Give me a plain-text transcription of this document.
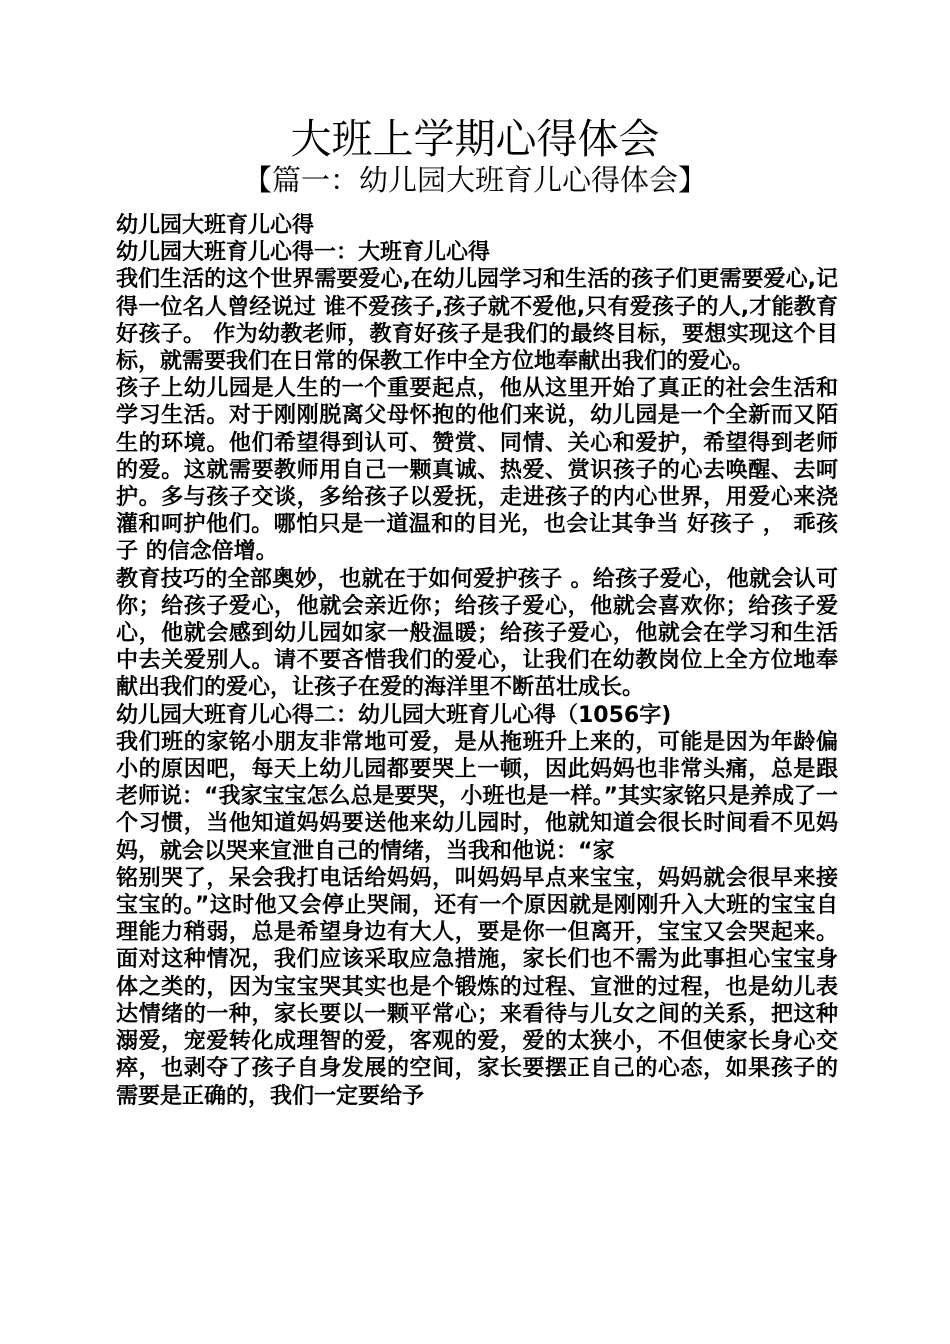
大班上学期心得体会
【篇一：幼儿园大班育儿心得体会】

幼儿园大班育儿心得

幼儿园大班育儿心得一：大班育儿心得

我们生活的这个世界需要爱心,在幼儿园学习和生活的孩子们更需要爱心,记得一位名人曾经说过 谁不爱孩子,孩子就不爱他,只有爱孩子的人,才能教育好孩子。 作为幼教老师，教育好孩子是我们的最终目标，要想实现这个目标，就需要我们在日常的保教工作中全方位地奉献出我们的爱心。

孩子上幼儿园是人生的一个重要起点，他从这里开始了真正的社会生活和学习生活。对于刚刚脱离父母怀抱的他们来说，幼儿园是一个全新而又陌生的环境。他们希望得到认可、赞赏、同情、关心和爱护，希望得到老师的爱。这就需要教师用自己一颗真诚、热爱、赏识孩子的心去唤醒、去呵护。多与孩子交谈，多给孩子以爱抚，走进孩子的内心世界，用爱心来浇灌和呵护他们。哪怕只是一道温和的目光，也会让其争当 好孩子 ， 乖孩子 的信念倍增。

教育技巧的全部奥妙，也就在于如何爱护孩子 。给孩子爱心，他就会认可你；给孩子爱心，他就会亲近你；给孩子爱心，他就会喜欢你；给孩子爱心，他就会感到幼儿园如家一般温暖；给孩子爱心，他就会在学习和生活中去关爱别人。请不要吝惜我们的爱心，让我们在幼教岗位上全方位地奉献出我们的爱心，让孩子在爱的海洋里不断茁壮成长。

幼儿园大班育儿心得二：幼儿园大班育儿心得（1056字)

我们班的家铭小朋友非常地可爱，是从拖班升上来的，可能是因为年龄偏小的原因吧，每天上幼儿园都要哭上一顿，因此妈妈也非常头痛，总是跟老师说：“我家宝宝怎么总是要哭，小班也是一样。”其实家铭只是养成了一个习惯，当他知道妈妈要送他来幼儿园时，他就知道会很长时间看不见妈妈，就会以哭来宣泄自己的情绪，当我和他说：“家

铭别哭了，呆会我打电话给妈妈，叫妈妈早点来宝宝，妈妈就会很早来接宝宝的。”这时他又会停止哭闹，还有一个原因就是刚刚升入大班的宝宝自理能力稍弱，总是希望身边有大人，要是你一但离开，宝宝又会哭起来。面对这种情况，我们应该采取应急措施，家长们也不需为此事担心宝宝身体之类的，因为宝宝哭其实也是个锻炼的过程、宣泄的过程，也是幼儿表达情绪的一种，家长要以一颗平常心；来看待与儿女之间的关系，把这种溺爱，宠爱转化成理智的爱，客观的爱，爱的太狭小，不但使家长身心交瘁，也剥夺了孩子自身发展的空间，家长要摆正自己的心态，如果孩子的需要是正确的，我们一定要给予
